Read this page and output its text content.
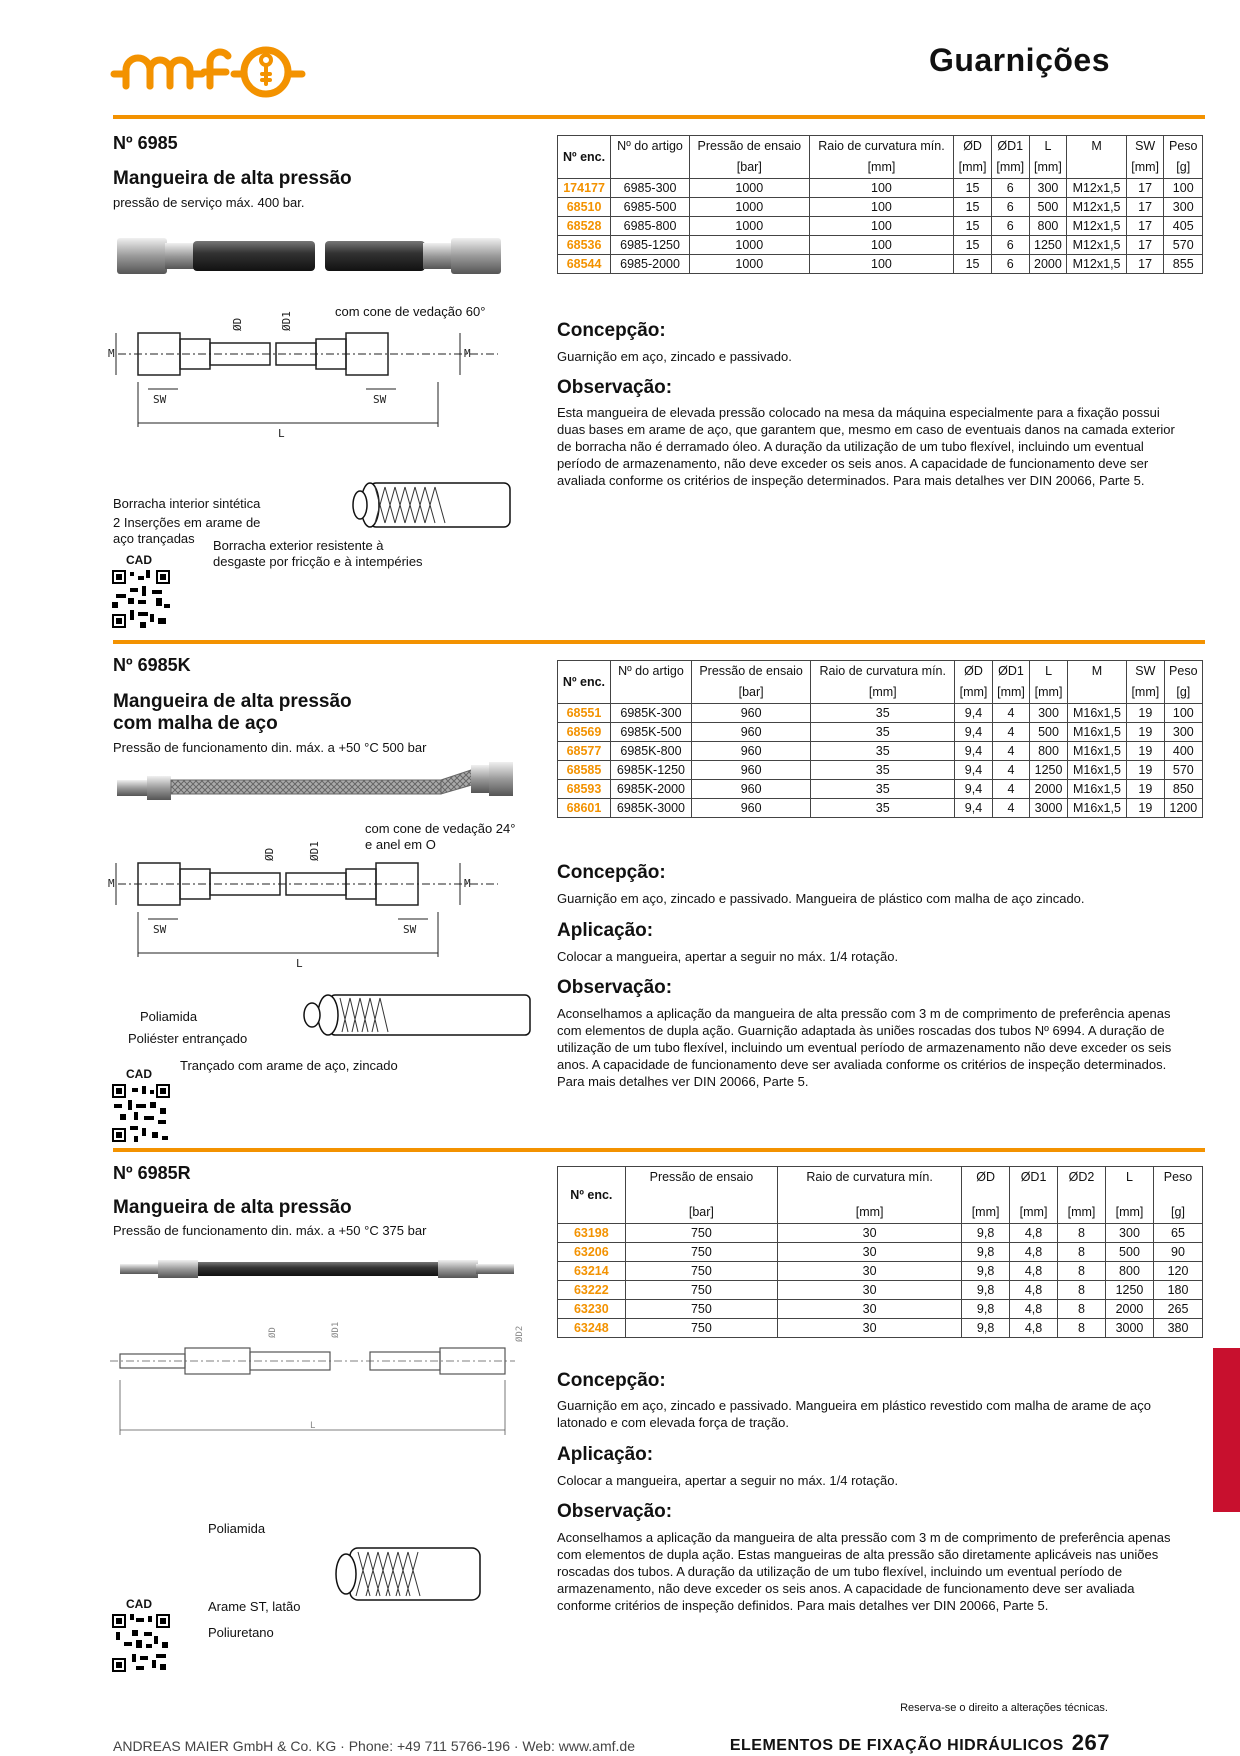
Guarnições
Nº 6985
Mangueira de alta pressão
pressão de serviço máx. 400 bar.
com cone de vedação 60°
SW	SW
L
M	M
ØD	ØD1
Borracha interior sintética
2 Inserções em arame de
aço trançadas Borracha exterior resistente à
desgaste por fricção e à intempéries
CAD
Nº enc.	Nº do artigo	Pressão de ensaio	Raio de curvatura mín.	ØD	ØD1	L	M	SW	Peso
		[bar]	[mm]	[mm]	[mm]	[mm]		[mm]	[g]
174177	6985-300	1000	100	15	6	300	M12x1,5	17	100
68510	6985-500	1000	100	15	6	500	M12x1,5	17	300
68528	6985-800	1000	100	15	6	800	M12x1,5	17	405
68536	6985-1250	1000	100	15	6	1250	M12x1,5	17	570
68544	6985-2000	1000	100	15	6	2000	M12x1,5	17	855
Concepção:
Guarnição em aço, zincado e passivado.
Observação:
Esta mangueira de elevada pressão colocado na mesa da máquina especialmente para a fixação possui duas bases em arame de aço, que garantem que, mesmo em caso de eventuais danos na camada exterior de borracha não é derramado óleo. A duração da utilização de um tubo flexível, incluindo um eventual período de armazenamento, não deve exceder os seis anos. A capacidade de funcionamento deve ser avaliada conforme os critérios de inspeção determinados. Para mais detalhes ver DIN 20066, Parte 5.
Nº 6985K
Mangueira de alta pressão
com malha de aço
Pressão de funcionamento din. máx. a +50 °C 500 bar
com cone de vedação 24°
e anel em O
SW	SW
L
M	M
ØD	ØD1
Poliamida
Poliéster entrançado
Trançado com arame de aço, zincado
CAD
Nº enc.	Nº do artigo	Pressão de ensaio	Raio de curvatura mín.	ØD	ØD1	L	M	SW	Peso
		[bar]	[mm]	[mm]	[mm]	[mm]		[mm]	[g]
68551	6985K-300	960	35	9,4	4	300	M16x1,5	19	100
68569	6985K-500	960	35	9,4	4	500	M16x1,5	19	300
68577	6985K-800	960	35	9,4	4	800	M16x1,5	19	400
68585	6985K-1250	960	35	9,4	4	1250	M16x1,5	19	570
68593	6985K-2000	960	35	9,4	4	2000	M16x1,5	19	850
68601	6985K-3000	960	35	9,4	4	3000	M16x1,5	19	1200
Concepção:
Guarnição em aço, zincado e passivado. Mangueira de plástico com malha de aço zincado.
Aplicação:
Colocar a mangueira, apertar a seguir no máx. 1/4 rotação.
Observação:
Aconselhamos a aplicação da mangueira de alta pressão com 3 m de comprimento de preferência apenas com elementos de dupla ação. Guarnição adaptada às uniões roscadas dos tubos Nº 6994. A duração de utilização de um tubo flexível, incluindo um eventual período de armazenamento não deve exceder os seis anos. A capacidade de funcionamento deve ser avaliada conforme os critérios de inspeção determinados. Para mais detalhes ver DIN 20066, Parte 5.
Nº 6985R
Mangueira de alta pressão
Pressão de funcionamento din. máx. a +50 °C 375 bar
ØD	ØD1	ØD2
L
Poliamida
Arame ST, latão
Poliuretano
CAD
Nº enc.	Pressão de ensaio	Raio de curvatura mín.	ØD	ØD1	ØD2	L	Peso
	[bar]	[mm]	[mm]	[mm]	[mm]	[mm]	[g]
63198	750	30	9,8	4,8	8	300	65
63206	750	30	9,8	4,8	8	500	90
63214	750	30	9,8	4,8	8	800	120
63222	750	30	9,8	4,8	8	1250	180
63230	750	30	9,8	4,8	8	2000	265
63248	750	30	9,8	4,8	8	3000	380
Concepção:
Guarnição em aço, zincado e passivado. Mangueira em plástico revestido com malha de arame de aço latonado e com elevada força de tração.
Aplicação:
Colocar a mangueira, apertar a seguir no máx. 1/4 rotação.
Observação:
Aconselhamos a aplicação da mangueira de alta pressão com 3 m de comprimento de preferência apenas com elementos de dupla ação. Estas mangueiras de alta pressão são diretamente aplicáveis nas uniões roscadas dos tubos. A duração da utilização de um tubo flexível, incluindo um eventual período de armazenamento, não deve exceder os seis anos. A capacidade de funcionamento deve ser avaliada conforme critérios de inspeção definidos. Para mais detalhes ver DIN 20066, Parte 5.
Reserva-se o direito a alterações técnicas.
ANDREAS MAIER GmbH & Co. KG · Phone: +49 711 5766-196 · Web: www.amf.de	ELEMENTOS DE FIXAÇÃO HIDRÁULICOS 267
